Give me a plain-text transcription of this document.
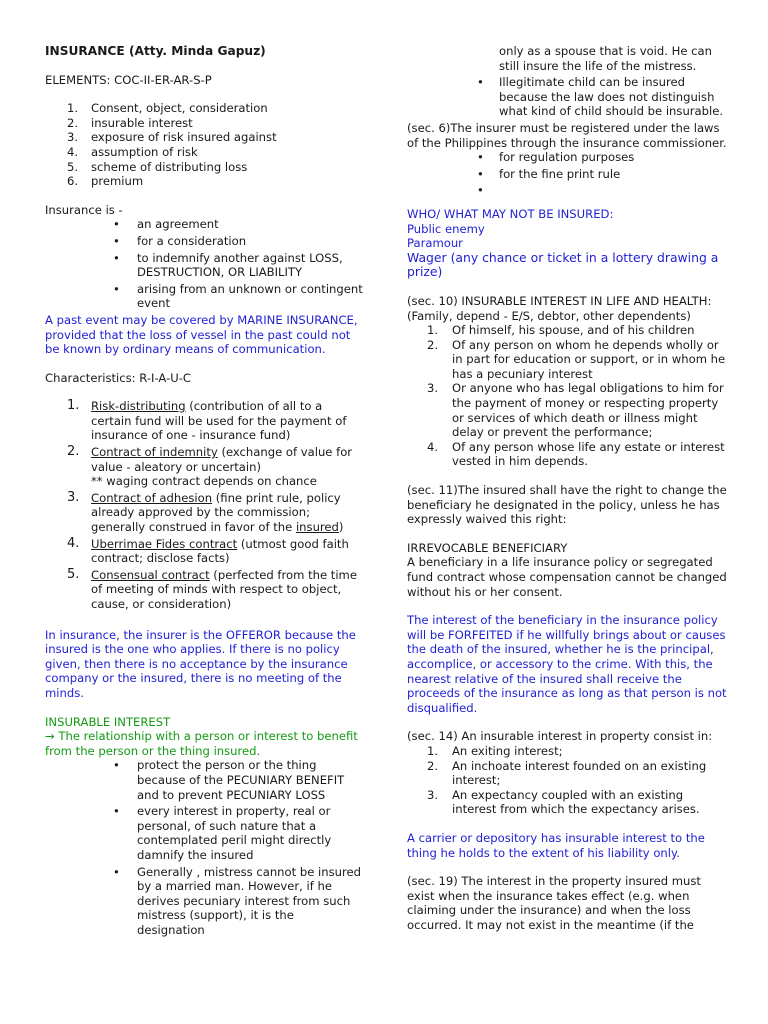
INSURANCE (Atty. Minda Gapuz)
ELEMENTS: COC-II-ER-AR-S-P
1. Consent, object, consideration
2. insurable interest
3. exposure of risk insured against
4. assumption of risk
5. scheme of distributing loss
6. premium
Insurance is -
• an agreement
• for a consideration
• to indemnify another against LOSS, DESTRUCTION, OR LIABILITY
• arising from an unknown or contingent event
A past event may be covered by MARINE INSURANCE, provided that the loss of vessel in the past could not be known by ordinary means of communication.
Characteristics: R-I-A-U-C
1. Risk-distributing (contribution of all to a certain fund will be used for the payment of insurance of one - insurance fund)
2. Contract of indemnity (exchange of value for value - aleatory or uncertain)
** waging contract depends on chance
3. Contract of adhesion (fine print rule, policy already approved by the commission; generally construed in favor of the insured)
4. Uberrimae Fides contract (utmost good faith contract; disclose facts)
5. Consensual contract (perfected from the time of meeting of minds with respect to object, cause, or consideration)
In insurance, the insurer is the OFFEROR because the insured is the one who applies. If there is no policy given, then there is no acceptance by the insurance company or the insured, there is no meeting of the minds.
INSURABLE INTEREST
→ The relationship with a person or interest to benefit from the person or the thing insured.
• protect the person or the thing because of the PECUNIARY BENEFIT and to prevent PECUNIARY LOSS
• every interest in property, real or personal, of such nature that a contemplated peril might directly damnify the insured
• Generally , mistress cannot be insured by a married man. However, if he derives pecuniary interest from such mistress (support), it is the designation
only as a spouse that is void. He can still insure the life of the mistress.
• Illegitimate child can be insured because the law does not distinguish what kind of child should be insurable.
(sec. 6)The insurer must be registered under the laws of the Philippines through the insurance commissioner.
• for regulation purposes
• for the fine print rule
•

WHO/ WHAT MAY NOT BE INSURED:
Public enemy
Paramour
Wager (any chance or ticket in a lottery drawing a prize)
(sec. 10) INSURABLE INTEREST IN LIFE AND HEALTH: (Family, depend - E/S, debtor, other dependents)
1. Of himself, his spouse, and of his children
2. Of any person on whom he depends wholly or in part for education or support, or in whom he has a pecuniary interest
3. Or anyone who has legal obligations to him for the payment of money or respecting property or services of which death or illness might delay or prevent the performance;
4. Of any person whose life any estate or interest vested in him depends.
(sec. 11)The insured shall have the right to change the beneficiary he designated in the policy, unless he has expressly waived this right:
IRREVOCABLE BENEFICIARY
A beneficiary in a life insurance policy or segregated fund contract whose compensation cannot be changed without his or her consent.
The interest of the beneficiary in the insurance policy will be FORFEITED if he willfully brings about or causes the death of the insured, whether he is the principal, accomplice, or accessory to the crime. With this, the nearest relative of the insured shall receive the proceeds of the insurance as long as that person is not disqualified.
(sec. 14) An insurable interest in property consist in:
1. An exiting interest;
2. An inchoate interest founded on an existing interest;
3. An expectancy coupled with an existing interest from which the expectancy arises.
A carrier or depository has insurable interest to the thing he holds to the extent of his liability only.
(sec. 19) The interest in the property insured must exist when the insurance takes effect (e.g. when claiming under the insurance) and when the loss occurred. It may not exist in the meantime (if the
